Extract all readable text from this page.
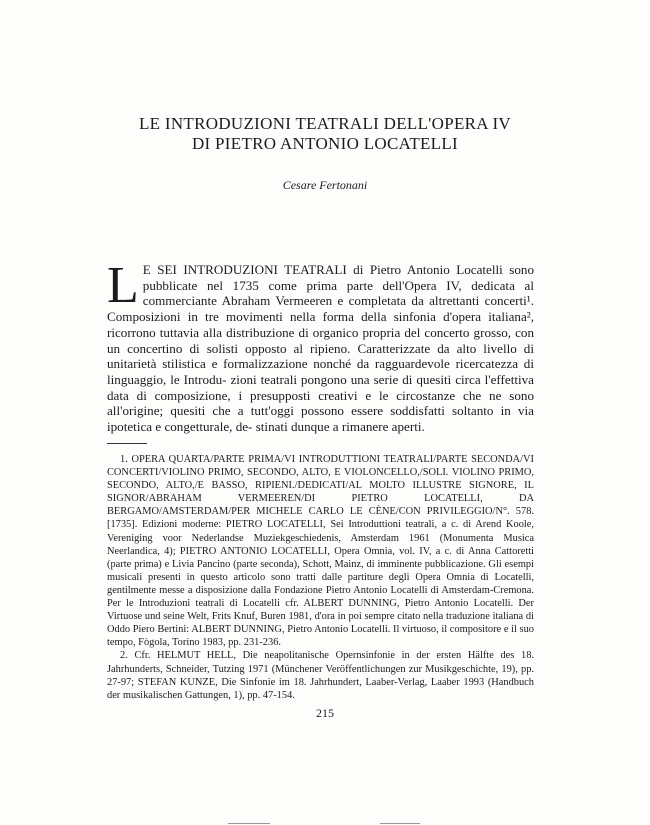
LE INTRODUZIONI TEATRALI DELL'OPERA IV
DI PIETRO ANTONIO LOCATELLI
Cesare Fertonani
L E SEI INTRODUZIONI TEATRALI di Pietro Antonio Locatelli sono pubblicate nel 1735 come prima parte dell'Opera IV, dedicata al commerciante Abraham Vermeeren e completata da altrettanti concerti¹. Composizioni in tre movimenti nella forma della sinfonia d'opera italiana², ricorrono tuttavia alla distribuzione di organico propria del concerto grosso, con un concertino di solisti opposto al ripieno. Caratterizzate da alto livello di unitarietà stilistica e formalizzazione nonché da ragguardevole ricercatezza di linguaggio, le Introdu- zioni teatrali pongono una serie di quesiti circa l'effettiva data di composizione, i presupposti creativi e le circostanze che ne sono all'origine; quesiti che a tutt'oggi possono essere soddisfatti soltanto in via ipotetica e congetturale, de- stinati dunque a rimanere aperti.

1. OPERA QUARTA/PARTE PRIMA/VI INTRODUTTIONI TEATRALI/PARTE SECONDA/VI CONCERTI/VIOLINO PRIMO, SECONDO, ALTO, E VIOLONCELLO,/SOLI. VIOLINO PRIMO, SECONDO, ALTO,/E BASSO, RIPIENI./DEDICATI/AL MOLTO ILLUSTRE SIGNORE, IL SIGNOR/ABRAHAM VERMEEREN/DI PIETRO LOCATELLI, DA BERGAMO/AMSTERDAM/PER MICHELE CARLO LE CÈNE/CON PRIVILEGGIO/N°. 578. [1735]. Edizioni moderne: PIETRO LOCATELLI, Sei Introduttioni teatrali, a c. di Arend Koole, Vereniging voor Nederlandse Muziekgeschiedenis, Amsterdam 1961 (Monumenta Musica Neerlandica, 4); PIETRO ANTONIO LOCATELLI, Opera Omnia, vol. IV, a c. di Anna Cattoretti (parte prima) e Livia Pancino (parte seconda), Schott, Mainz, di imminente pubblicazione. Gli esempi musicali presenti in questo articolo sono tratti dalle partiture degli Opera Omnia di Locatelli, gentilmente messe a disposizione dalla Fondazione Pietro Antonio Locatelli di Amsterdam-Cremona. Per le Introduzioni teatrali di Locatelli cfr. ALBERT DUNNING, Pietro Antonio Locatelli. Der Virtuose und seine Welt, Frits Knuf, Buren 1981, d'ora in poi sempre citato nella traduzione italiana di Oddo Piero Bertini: ALBERT DUNNING, Pietro Antonio Locatelli. Il virtuoso, il compositore e il suo tempo, Fògola, Torino 1983, pp. 231-236.

2. Cfr. HELMUT HELL, Die neapolitanische Opernsinfonie in der ersten Hälfte des 18. Jahrhunderts, Schneider, Tutzing 1971 (Münchener Veröffentlichungen zur Musikgeschichte, 19), pp. 27-97; STEFAN KUNZE, Die Sinfonie im 18. Jahrhundert, Laaber-Verlag, Laaber 1993 (Handbuch der musikalischen Gattungen, 1), pp. 47-154.

215
